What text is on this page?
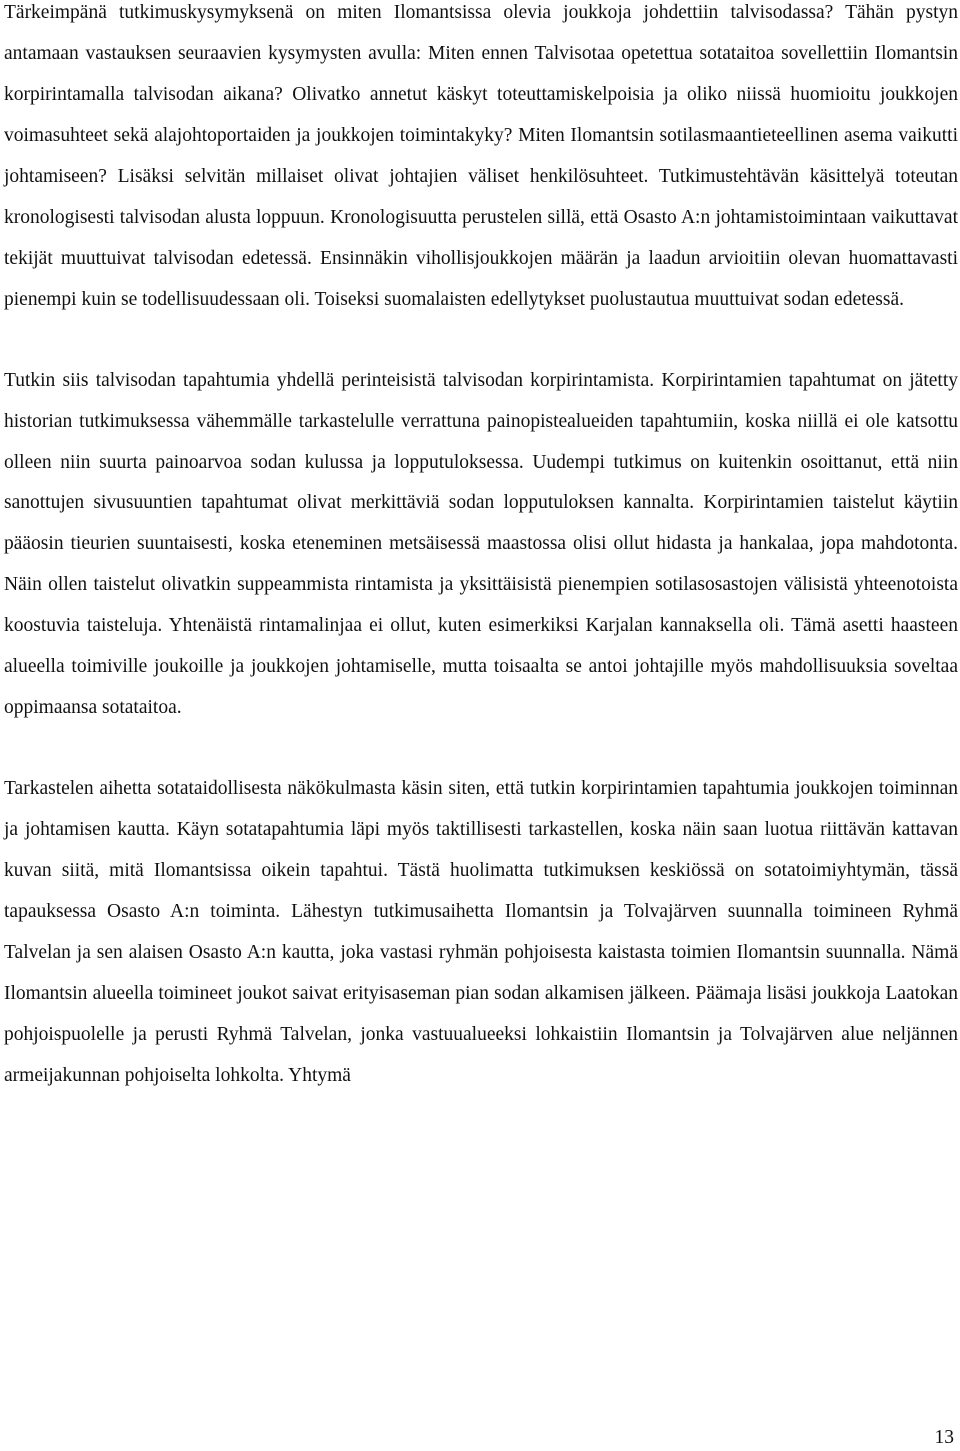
Tärkeimpänä tutkimuskysymyksenä on miten Ilomantsissa olevia joukkoja johdettiin talvisodassa? Tähän pystyn antamaan vastauksen seuraavien kysymysten avulla: Miten ennen Talvisotaa opetettua sotataitoa sovellettiin Ilomantsin korpirintamalla talvisodan aikana? Olivatko annetut käskyt toteuttamiskelpoisia ja oliko niissä huomioitu joukkojen voimasuhteet sekä alajohtoportaiden ja joukkojen toimintakyky? Miten Ilomantsin sotilasmaantieteellinen asema vaikutti johtamiseen? Lisäksi selvitän millaiset olivat johtajien väliset henkilösuhteet. Tutkimustehtävän käsittelyä toteutan kronologisesti talvisodan alusta loppuun. Kronologisuutta perustelen sillä, että Osasto A:n johtamistoimintaan vaikuttavat tekijät muuttuivat talvisodan edetessä. Ensinnäkin vihollisjoukkojen määrän ja laadun arvioitiin olevan huomattavasti pienempi kuin se todellisuudessaan oli. Toiseksi suomalaisten edellytykset puolustautua muuttuivat sodan edetessä.

Tutkin siis talvisodan tapahtumia yhdellä perinteisistä talvisodan korpirintamista. Korpirintamien tapahtumat on jätetty historian tutkimuksessa vähemmälle tarkastelulle verrattuna painopistealueiden tapahtumiin, koska niillä ei ole katsottu olleen niin suurta painoarvoa sodan kulussa ja lopputuloksessa. Uudempi tutkimus on kuitenkin osoittanut, että niin sanottujen sivusuuntien tapahtumat olivat merkittäviä sodan lopputuloksen kannalta. Korpirintamien taistelut käytiin pääosin tieurien suuntaisesti, koska eteneminen metsäisessä maastossa olisi ollut hidasta ja hankalaa, jopa mahdotonta. Näin ollen taistelut olivatkin suppeammista rintamista ja yksittäisistä pienempien sotilasosastojen välisistä yhteenotoista koostuvia taisteluja. Yhtenäistä rintamalinjaa ei ollut, kuten esimerkiksi Karjalan kannaksella oli. Tämä asetti haasteen alueella toimiville joukoille ja joukkojen johtamiselle, mutta toisaalta se antoi johtajille myös mahdollisuuksia soveltaa oppimaansa sotataitoa.

Tarkastelen aihetta sotataidollisesta näkökulmasta käsin siten, että tutkin korpirintamien tapahtumia joukkojen toiminnan ja johtamisen kautta. Käyn sotatapahtumia läpi myös taktillisesti tarkastellen, koska näin saan luotua riittävän kattavan kuvan siitä, mitä Ilomantsissa oikein tapahtui. Tästä huolimatta tutkimuksen keskiössä on sotatoimiyhtymän, tässä tapauksessa Osasto A:n toiminta. Lähestyn tutkimusaihetta Ilomantsin ja Tolvajärven suunnalla toimineen Ryhmä Talvelan ja sen alaisen Osasto A:n kautta, joka vastasi ryhmän pohjoisesta kaistasta toimien Ilomantsin suunnalla. Nämä Ilomantsin alueella toimineet joukot saivat erityisaseman pian sodan alkamisen jälkeen. Päämaja lisäsi joukkoja Laatokan pohjoispuolelle ja perusti Ryhmä Talvelan, jonka vastuualueeksi lohkaistiin Ilomantsin ja Tolvajärven alue neljännen armeijakunnan pohjoiselta lohkolta. Yhtymä

13
